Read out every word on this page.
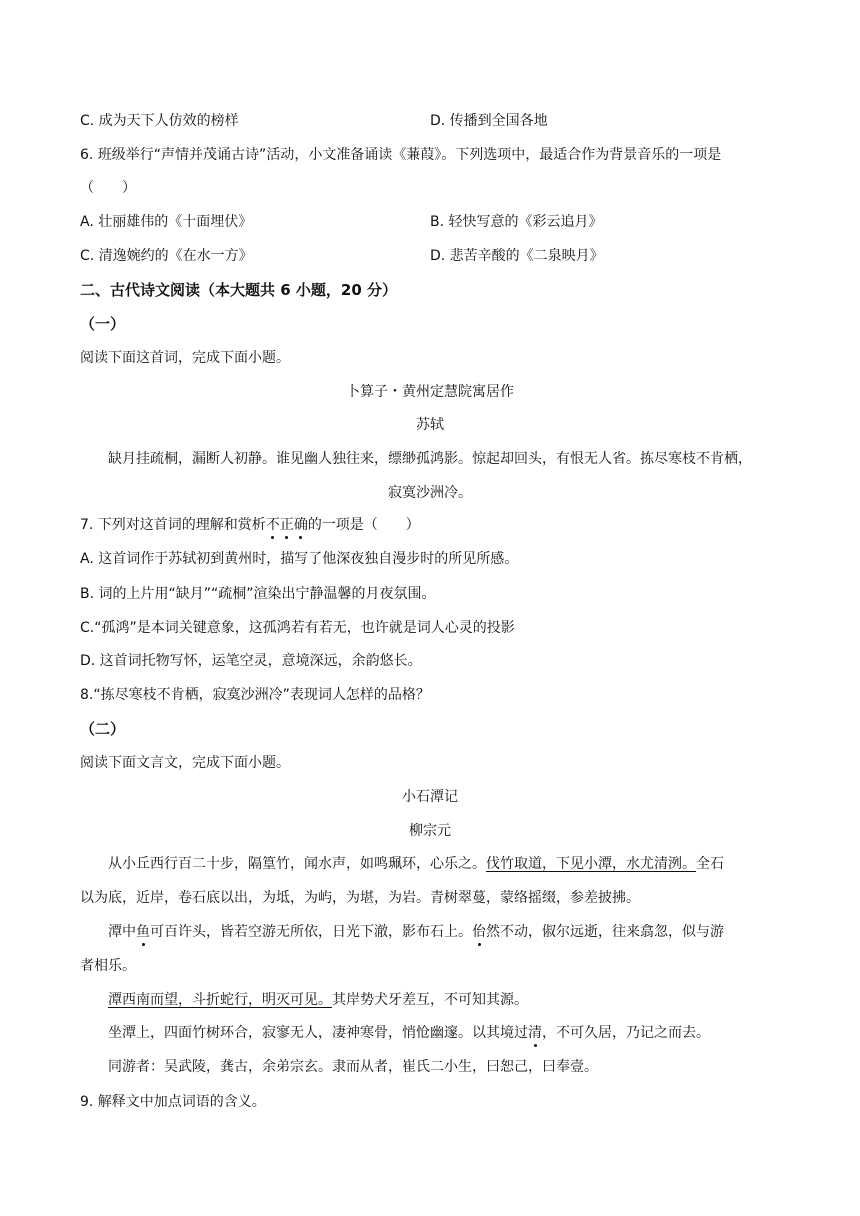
C. 成为天下人仿效的榜样	D. 传播到全国各地
6. 班级举行“声情并茂诵古诗”活动，小文准备诵读《蒹葭》。下列选项中，最适合作为背景音乐的一项是
（　　）
A. 壮丽雄伟的《十面埋伏》	B. 轻快写意的《彩云追月》
C. 清逸婉约的《在水一方》	D. 悲苦辛酸的《二泉映月》
二、古代诗文阅读（本大题共 6 小题，20 分）
（一）
阅读下面这首词，完成下面小题。
卜算子・黄州定慧院寓居作
苏轼
缺月挂疏桐，漏断人初静。谁见幽人独往来，缥缈孤鸿影。惊起却回头，有恨无人省。拣尽寒枝不肯栖，
寂寞沙洲冷。
7. 下列对这首词的理解和赏析不正确的一项是（　　）
A. 这首词作于苏轼初到黄州时，描写了他深夜独自漫步时的所见所感。
B. 词的上片用“缺月”“疏桐”渲染出宁静温馨的月夜氛围。
C.“孤鸿”是本词关键意象，这孤鸿若有若无，也许就是词人心灵的投影
D. 这首词托物写怀，运笔空灵，意境深远，余韵悠长。
8.“拣尽寒枝不肯栖，寂寞沙洲冷”表现词人怎样的品格？
（二）
阅读下面文言文，完成下面小题。
小石潭记
柳宗元
　　从小丘西行百二十步，隔篁竹，闻水声，如鸣珮环，心乐之。伐竹取道，下见小潭，水尤清洌。全石
以为底，近岸，卷石底以出，为坻，为屿，为堪，为岩。青树翠蔓，蒙络摇缀，参差披拂。
　　潭中鱼可百许头，皆若空游无所依，日光下澈，影布石上。佁然不动，俶尔远逝，往来翕忽，似与游
者相乐。
潭西南而望，斗折蛇行，明灭可见。其岸势犬牙差互，不可知其源。
　　坐潭上，四面竹树环合，寂寥无人，凄神寒骨，悄怆幽邃。以其境过清，不可久居，乃记之而去。
　　同游者：吴武陵，龚古，余弟宗玄。隶而从者，崔氏二小生，曰恕己，曰奉壹。
9. 解释文中加点词语的含义。
